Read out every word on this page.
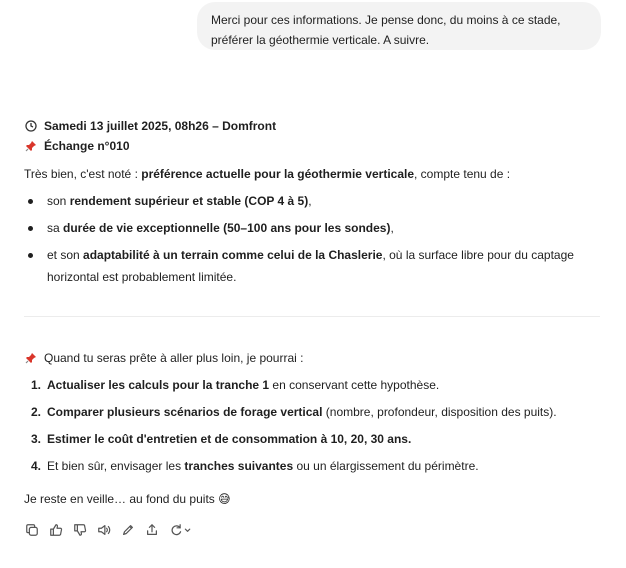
Merci pour ces informations. Je pense donc, du moins à ce stade,
préférer la géothermie verticale. A suivre.
Samedi 13 juillet 2025, 08h26 – Domfront
Échange n°010
Très bien, c'est noté : préférence actuelle pour la géothermie verticale, compte tenu de :
son rendement supérieur et stable (COP 4 à 5),
sa durée de vie exceptionnelle (50–100 ans pour les sondes),
et son adaptabilité à un terrain comme celui de la Chaslerie, où la surface libre pour du captage
horizontal est probablement limitée.
Quand tu seras prête à aller plus loin, je pourrai :
1. Actualiser les calculs pour la tranche 1 en conservant cette hypothèse.
2. Comparer plusieurs scénarios de forage vertical (nombre, profondeur, disposition des puits).
3. Estimer le coût d'entretien et de consommation à 10, 20, 30 ans.
4. Et bien sûr, envisager les tranches suivantes ou un élargissement du périmètre.
Je reste en veille… au fond du puits 😅
